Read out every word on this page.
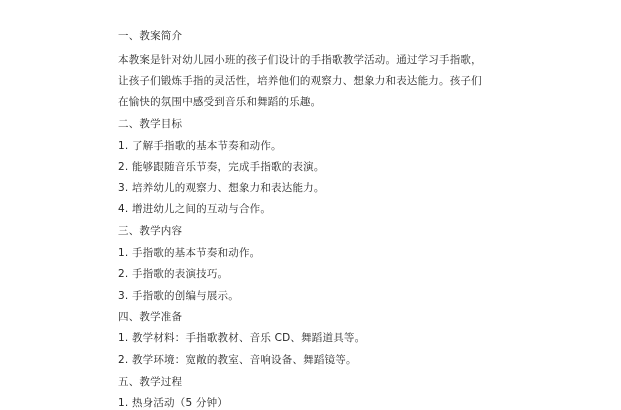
一、教案简介
本教案是针对幼儿园小班的孩子们设计的手指歌教学活动。通过学习手指歌，
让孩子们锻炼手指的灵活性，培养他们的观察力、想象力和表达能力。孩子们
在愉快的氛围中感受到音乐和舞蹈的乐趣。
二、教学目标
1. 了解手指歌的基本节奏和动作。
2. 能够跟随音乐节奏，完成手指歌的表演。
3. 培养幼儿的观察力、想象力和表达能力。
4. 增进幼儿之间的互动与合作。
三、教学内容
1. 手指歌的基本节奏和动作。
2. 手指歌的表演技巧。
3. 手指歌的创编与展示。
四、教学准备
1. 教学材料：手指歌教材、音乐 CD、舞蹈道具等。
2. 教学环境：宽敞的教室、音响设备、舞蹈镜等。
五、教学过程
1. 热身活动（5 分钟）
